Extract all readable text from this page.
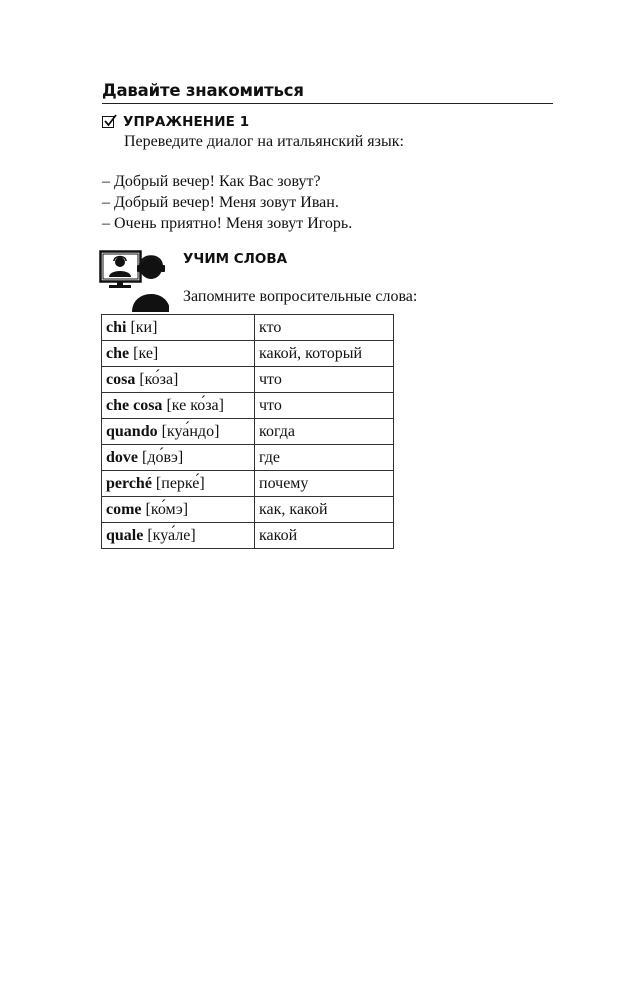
Давайте знакомиться
УПРАЖНЕНИЕ 1
Переведите диалог на итальянский язык:
– Добрый вечер! Как Вас зовут?
– Добрый вечер! Меня зовут Иван.
– Очень приятно! Меня зовут Игорь.
УЧИМ СЛОВА
Запомните вопросительные слова:
chi [ки]	кто
che [ке]	какой, который
cosa [ко́за]	что
che cosa [ке ко́за]	что
quando [куа́ндо]	когда
dove [до́вэ]	где
perché [перке́]	почему
come [ко́мэ]	как, какой
quale [куа́ле]	какой
